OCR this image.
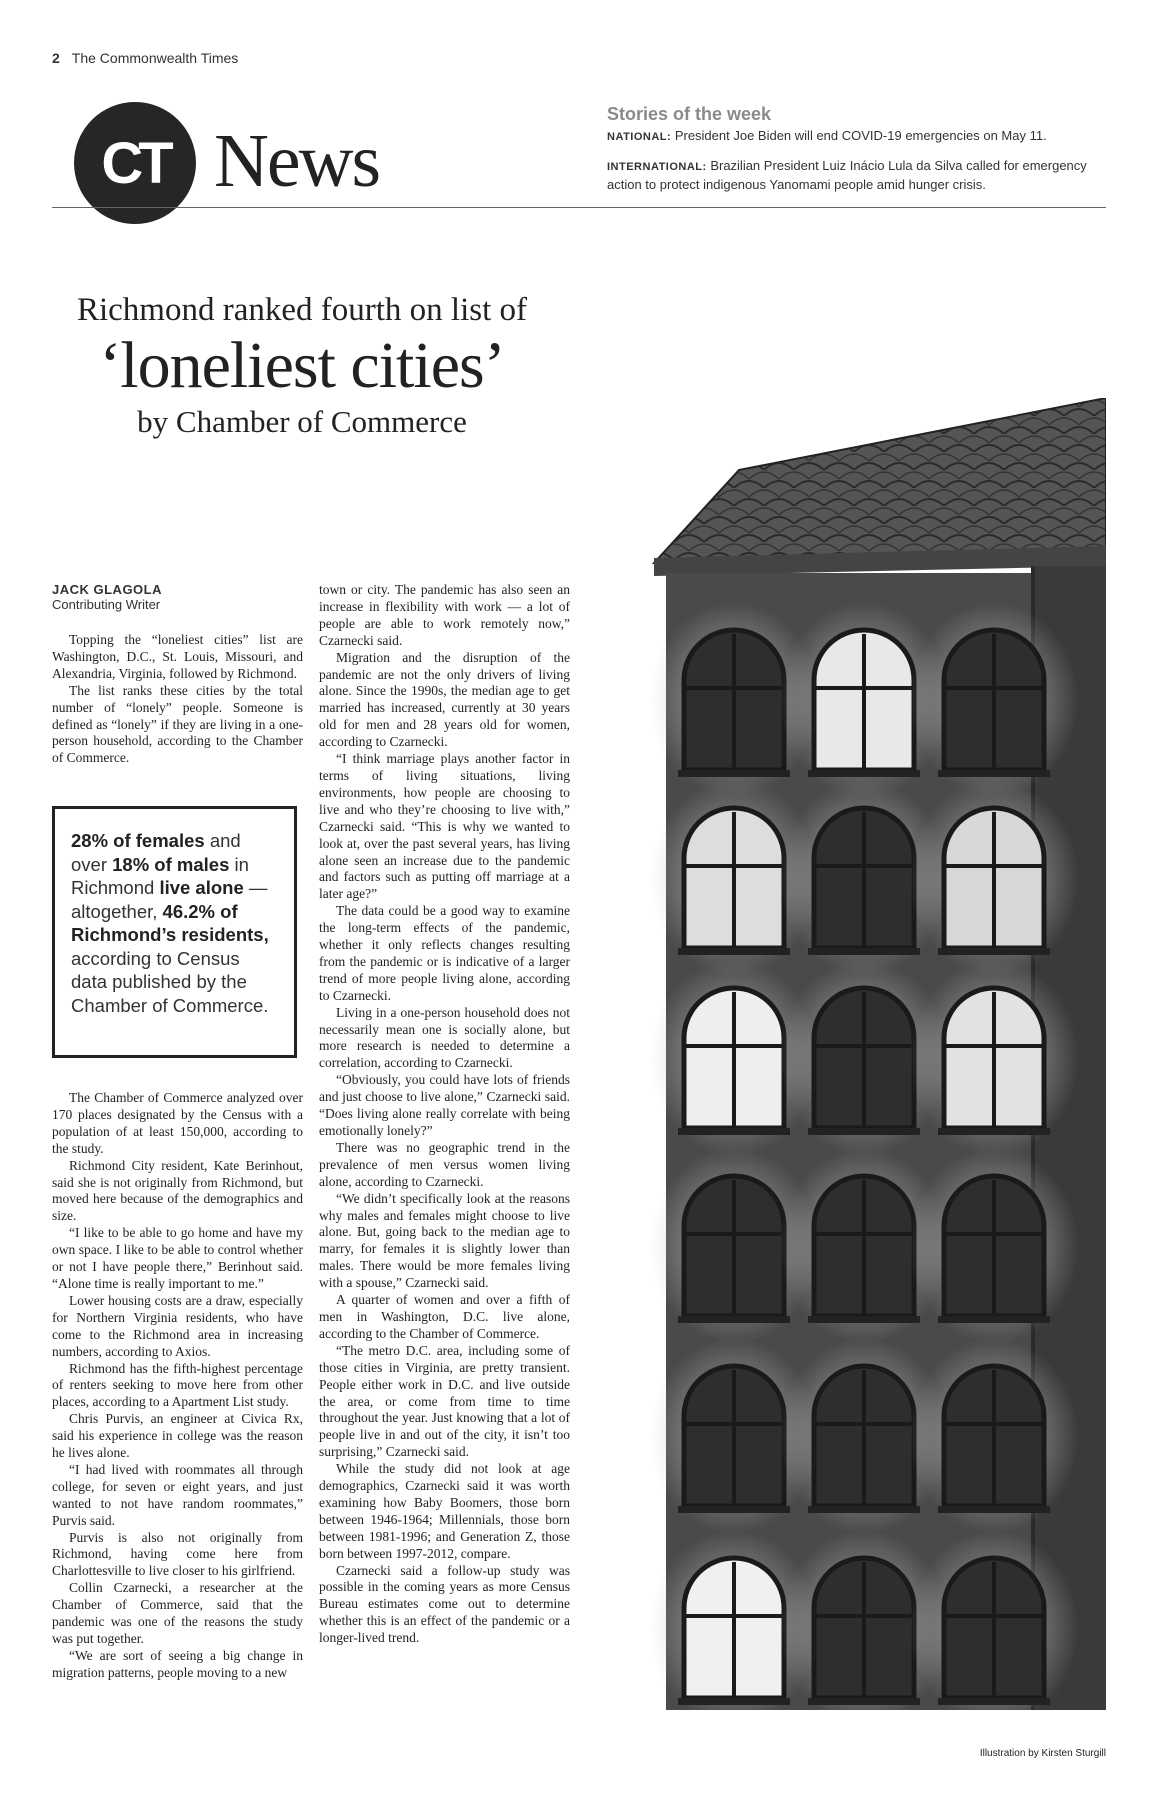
2 The Commonwealth Times
CT News
Stories of the week
NATIONAL: President Joe Biden will end COVID-19 emergencies on May 11.
INTERNATIONAL: Brazilian President Luiz Inácio Lula da Silva called for emergency action to protect indigenous Yanomami people amid hunger crisis.
Richmond ranked fourth on list of
‘loneliest cities’
by Chamber of Commerce
JACK GLAGOLA
Contributing Writer

Topping the “loneliest cities” list are Washington, D.C., St. Louis, Missouri, and Alexandria, Virginia, followed by Richmond.

The list ranks these cities by the total number of “lonely” people. Someone is defined as “lonely” if they are living in a one-person household, according to the Chamber of Commerce.

28% of females and over 18% of males in Richmond live alone — altogether, 46.2% of Richmond’s residents, according to Census data published by the Chamber of Commerce.

The Chamber of Commerce analyzed over 170 places designated by the Census with a population of at least 150,000, according to the study.

Richmond City resident, Kate Berinhout, said she is not originally from Richmond, but moved here because of the demographics and size.

“I like to be able to go home and have my own space. I like to be able to control whether or not I have people there,” Berinhout said. “Alone time is really important to me.”

Lower housing costs are a draw, especially for Northern Virginia residents, who have come to the Richmond area in increasing numbers, according to Axios.

Richmond has the fifth-highest percentage of renters seeking to move here from other places, according to a Apartment List study.

Chris Purvis, an engineer at Civica Rx, said his experience in college was the reason he lives alone.

“I had lived with roommates all through college, for seven or eight years, and just wanted to not have random roommates,” Purvis said.

Purvis is also not originally from Richmond, having come here from Charlottesville to live closer to his girlfriend.

Collin Czarnecki, a researcher at the Chamber of Commerce, said that the pandemic was one of the reasons the study was put together.

“We are sort of seeing a big change in migration patterns, people moving to a new

town or city. The pandemic has also seen an increase in flexibility with work — a lot of people are able to work remotely now,” Czarnecki said.

Migration and the disruption of the pandemic are not the only drivers of living alone. Since the 1990s, the median age to get married has increased, currently at 30 years old for men and 28 years old for women, according to Czarnecki.

“I think marriage plays another factor in terms of living situations, living environments, how people are choosing to live and who they’re choosing to live with,” Czarnecki said. “This is why we wanted to look at, over the past several years, has living alone seen an increase due to the pandemic and factors such as putting off marriage at a later age?”

The data could be a good way to examine the long-term effects of the pandemic, whether it only reflects changes resulting from the pandemic or is indicative of a larger trend of more people living alone, according to Czarnecki.

Living in a one-person household does not necessarily mean one is socially alone, but more research is needed to determine a correlation, according to Czarnecki.

“Obviously, you could have lots of friends and just choose to live alone,” Czarnecki said. “Does living alone really correlate with being emotionally lonely?”

There was no geographic trend in the prevalence of men versus women living alone, according to Czarnecki.

“We didn’t specifically look at the reasons why males and females might choose to live alone. But, going back to the median age to marry, for females it is slightly lower than males. There would be more females living with a spouse,” Czarnecki said.

A quarter of women and over a fifth of men in Washington, D.C. live alone, according to the Chamber of Commerce.

“The metro D.C. area, including some of those cities in Virginia, are pretty transient. People either work in D.C. and live outside the area, or come from time to time throughout the year. Just knowing that a lot of people live in and out of the city, it isn’t too surprising,” Czarnecki said.

While the study did not look at age demographics, Czarnecki said it was worth examining how Baby Boomers, those born between 1946-1964; Millennials, those born between 1981-1996; and Generation Z, those born between 1997-2012, compare.

Czarnecki said a follow-up study was possible in the coming years as more Census Bureau estimates come out to determine whether this is an effect of the pandemic or a longer-lived trend.

Illustration by Kirsten Sturgill
